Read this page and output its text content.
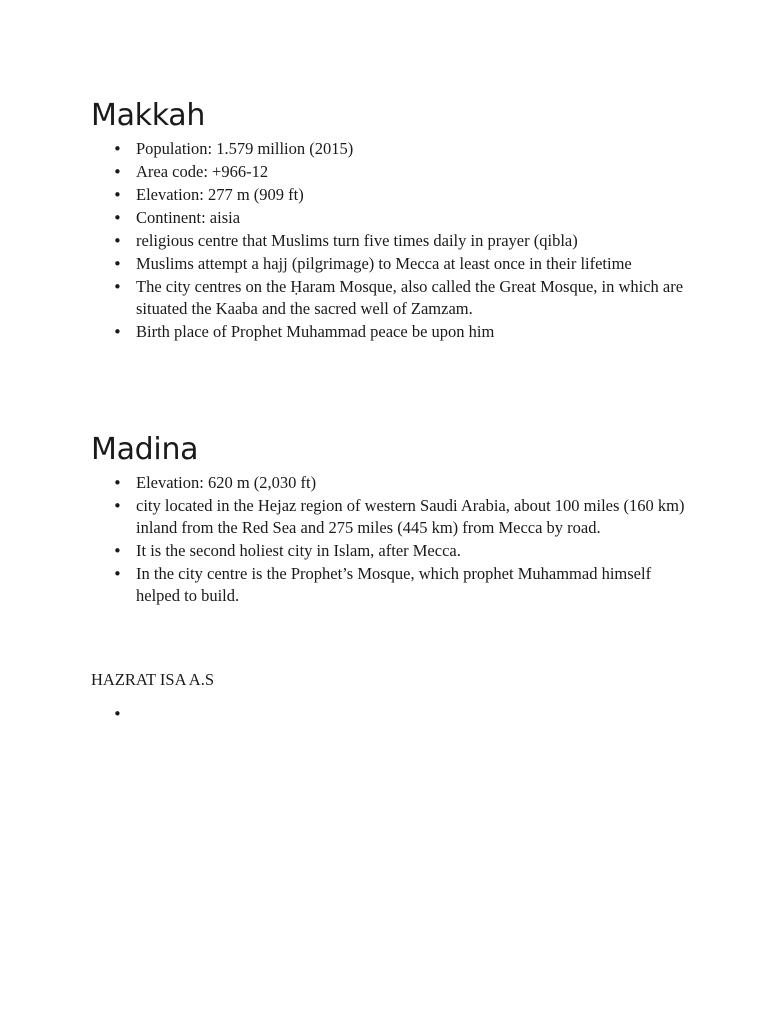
Makkah
• Population: 1.579 million (2015)
• Area code: +966-12
• Elevation: 277 m (909 ft)
• Continent: aisia
• religious centre that Muslims turn five times daily in prayer (qibla)
• Muslims attempt a hajj (pilgrimage) to Mecca at least once in their lifetime
• The city centres on the Ḥaram Mosque, also called the Great Mosque, in which are situated the Kaaba and the sacred well of Zamzam.
• Birth place of Prophet Muhammad peace be upon him
Madina
• Elevation: 620 m (2,030 ft)
• city located in the Hejaz region of western Saudi Arabia, about 100 miles (160 km) inland from the Red Sea and 275 miles (445 km) from Mecca by road.
• It is the second holiest city in Islam, after Mecca.
• In the city centre is the Prophet’s Mosque, which prophet Muhammad himself helped to build.

HAZRAT ISA A.S

•
